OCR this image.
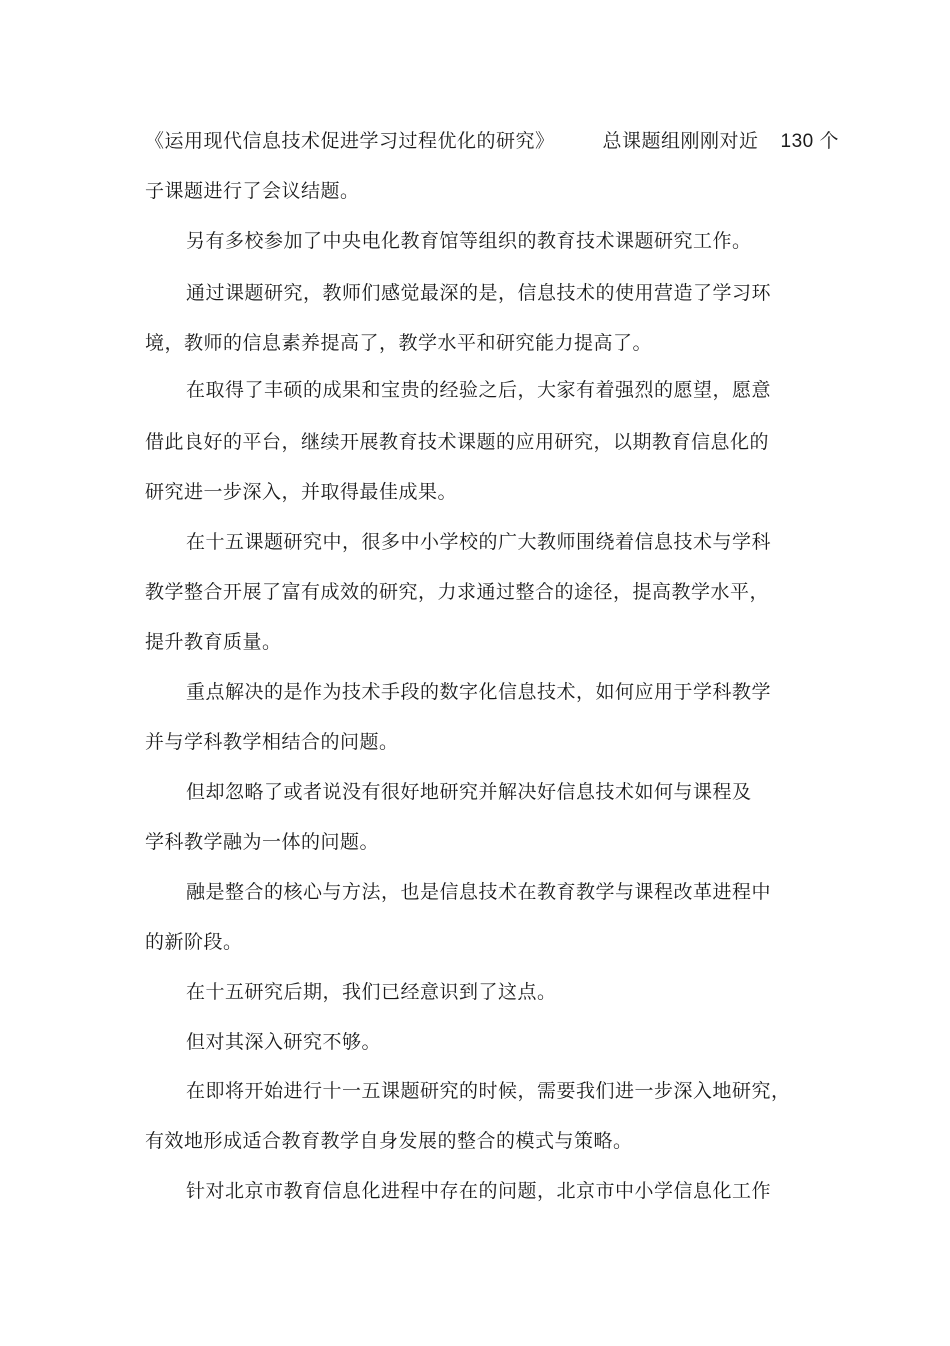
《运用现代信息技术促进学习过程优化的研究》	总课题组刚刚对近 130 个
子课题进行了会议结题。
另有多校参加了中央电化教育馆等组织的教育技术课题研究工作。
通过课题研究，教师们感觉最深的是，信息技术的使用营造了学习环
境，教师的信息素养提高了，教学水平和研究能力提高了。
在取得了丰硕的成果和宝贵的经验之后，大家有着强烈的愿望，愿意
借此良好的平台，继续开展教育技术课题的应用研究，以期教育信息化的
研究进一步深入，并取得最佳成果。
在十五课题研究中，很多中小学校的广大教师围绕着信息技术与学科
教学整合开展了富有成效的研究，力求通过整合的途径，提高教学水平，
提升教育质量。
重点解决的是作为技术手段的数字化信息技术，如何应用于学科教学
并与学科教学相结合的问题。
但却忽略了或者说没有很好地研究并解决好信息技术如何与课程及
学科教学融为一体的问题。
融是整合的核心与方法，也是信息技术在教育教学与课程改革进程中
的新阶段。
在十五研究后期，我们已经意识到了这点。
但对其深入研究不够。
在即将开始进行十一五课题研究的时候，需要我们进一步深入地研究，
有效地形成适合教育教学自身发展的整合的模式与策略。
针对北京市教育信息化进程中存在的问题，北京市中小学信息化工作
